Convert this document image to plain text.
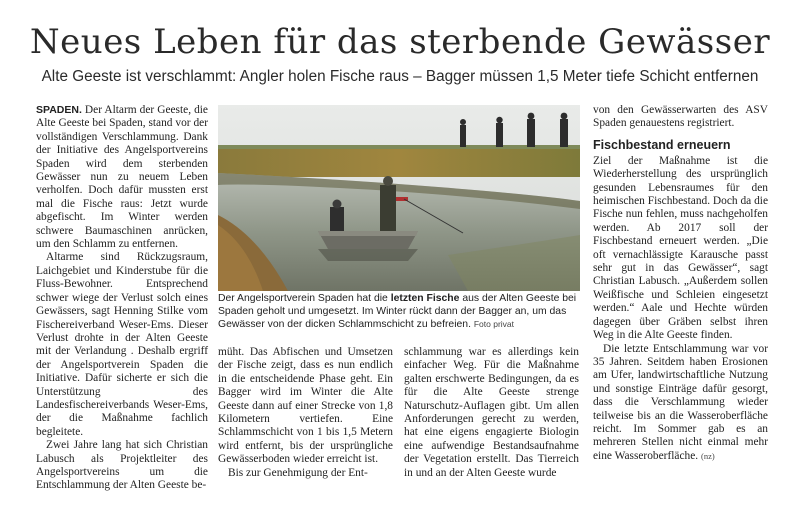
Neues Leben für das sterbende Gewässer
Alte Geeste ist verschlammt: Angler holen Fische raus – Bagger müssen 1,5 Meter tiefe Schicht entfernen

SPADEN. Der Altarm der Geeste, die Alte Geeste bei Spaden, stand vor der vollständigen Verschlammung. Dank der Initiative des Angelsportvereins Spaden wird dem sterbenden Gewässer nun zu neuem Leben verholfen. Doch dafür mussten erst mal die Fische raus: Jetzt wurde abgefischt. Im Winter werden schwere Baumaschinen anrücken, um den Schlamm zu entfernen.

Altarme sind Rückzugsraum, Laichgebiet und Kinderstube für die Fluss-Bewohner. Entsprechend schwer wiege der Verlust solch eines Gewässers, sagt Henning Stilke vom Fischereiverband Weser-Ems. Dieser Verlust drohte in der Alten Geeste mit der Verlandung . Deshalb ergriff der Angelsportverein Spaden die Initiative. Dafür sicherte er sich die Unterstützung des Landesfischereiverbands Weser-Ems, der die Maßnahme fachlich begleitete.

Zwei Jahre lang hat sich Christian Labusch als Projektleiter des Angelsportvereins um die Entschlammung der Alten Geeste be-

Der Angelsportverein Spaden hat die letzten Fische aus der Alten Geeste bei Spaden geholt und umgesetzt. Im Winter rückt dann der Bagger an, um das Gewässer von der dicken Schlammschicht zu befreien. Foto privat

müht. Das Abfischen und Umsetzen der Fische zeigt, dass es nun endlich in die entscheidende Phase geht. Ein Bagger wird im Winter die Alte Geeste dann auf einer Strecke von 1,8 Kilometern vertiefen. Eine Schlammschicht von 1 bis 1,5 Metern wird entfernt, bis der ursprüngliche Gewässerboden wieder erreicht ist.

Bis zur Genehmigung der Ent-

schlammung war es allerdings kein einfacher Weg. Für die Maßnahme galten erschwerte Bedingungen, da es für die Alte Geeste strenge Naturschutz-Auflagen gibt. Um allen Anforderungen gerecht zu werden, hat eine eigens engagierte Biologin eine aufwendige Bestandsaufnahme der Vegetation erstellt. Das Tierreich in und an der Alten Geeste wurde

von den Gewässerwarten des ASV Spaden genauestens registriert.

Fischbestand erneuern

Ziel der Maßnahme ist die Wiederherstellung des ursprünglich gesunden Lebensraumes für den heimischen Fischbestand. Doch da die Fische nun fehlen, muss nachgeholfen werden. Ab 2017 soll der Fischbestand erneuert werden. „Die oft vernachlässigte Karausche passt sehr gut in das Gewässer“, sagt Christian Labusch. „Außerdem sollen Weißfische und Schleien eingesetzt werden.“ Aale und Hechte würden dagegen über Gräben selbst ihren Weg in die Alte Geeste finden.

Die letzte Entschlammung war vor 35 Jahren. Seitdem haben Erosionen am Ufer, landwirtschaftliche Nutzung und sonstige Einträge dafür gesorgt, dass die Verschlammung wieder teilweise bis an die Wasseroberfläche reicht. Im Sommer gab es an mehreren Stellen nicht einmal mehr eine Wasseroberfläche. (nz)
